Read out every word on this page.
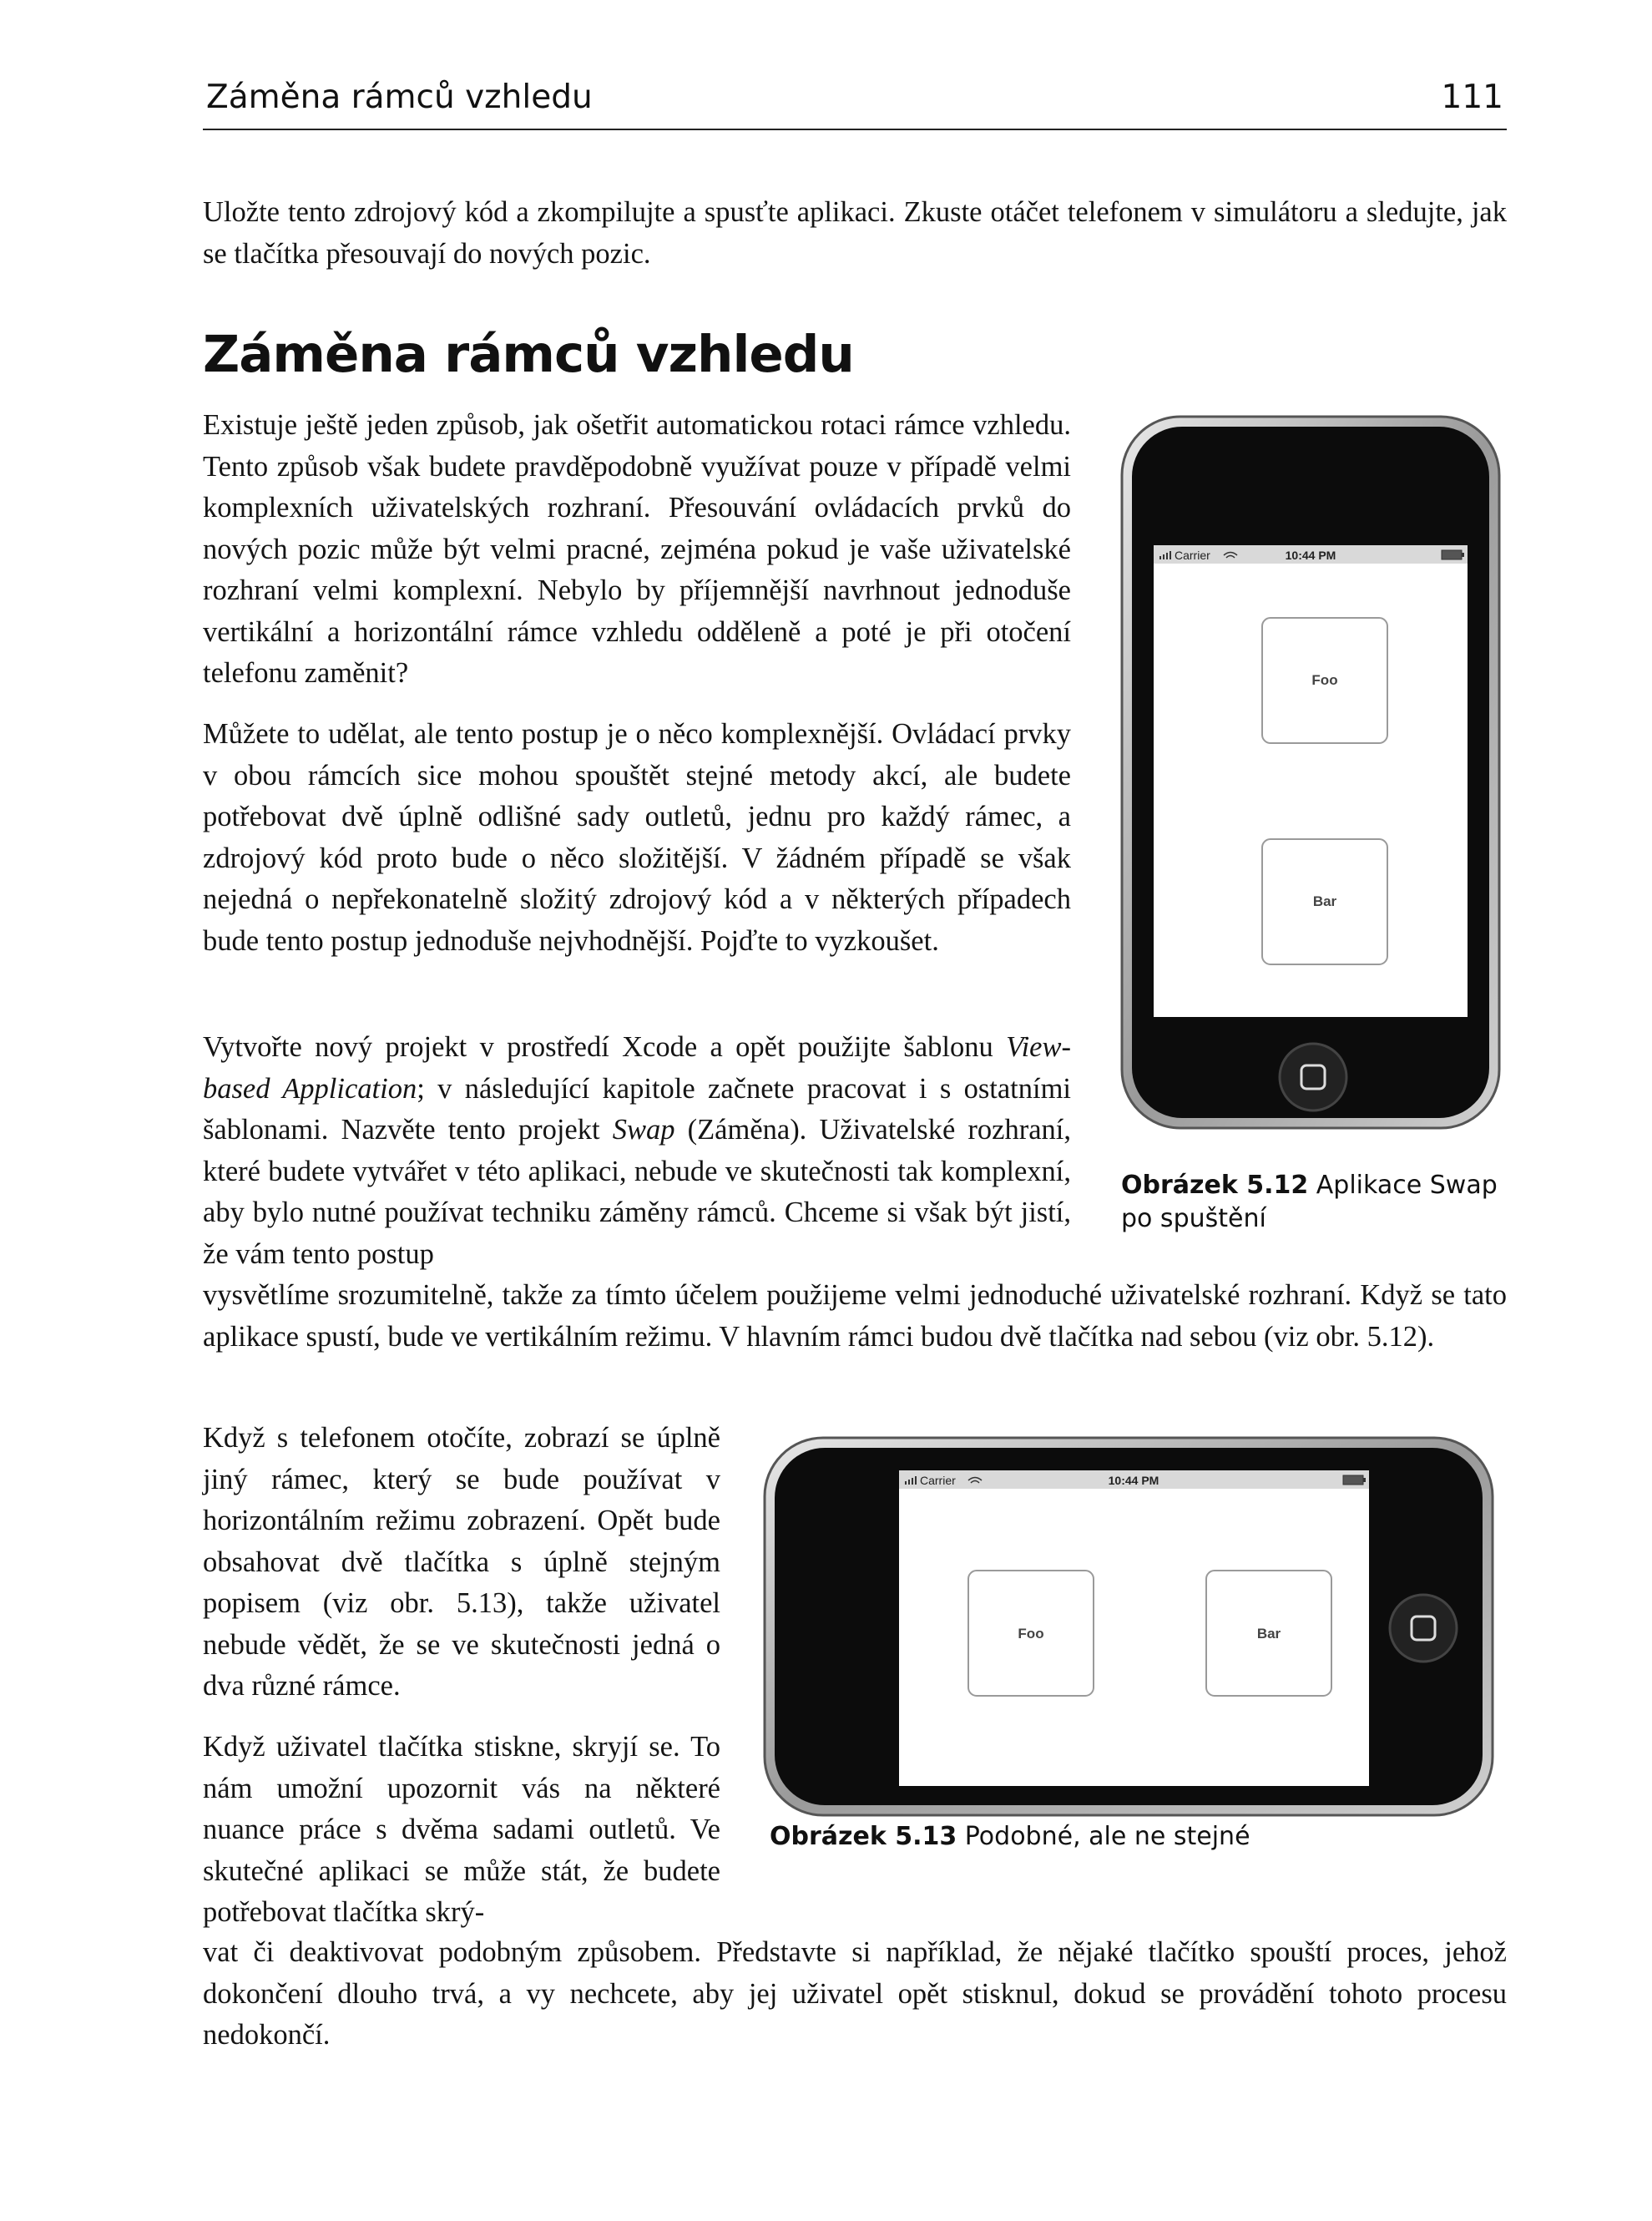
Záměna rámců vzhledu	111

Uložte tento zdrojový kód a zkompilujte a spusťte aplikaci. Zkuste otáčet telefonem v simulátoru a sledujte, jak se tlačítka přesouvají do nových pozic.

Záměna rámců vzhledu

Existuje ještě jeden způsob, jak ošetřit automatickou rotaci rámce vzhledu. Tento způsob však budete pravděpodobně využívat pouze v případě velmi komplexních uživatelských rozhraní. Přesouvání ovládacích prvků do nových pozic může být velmi pracné, zejména pokud je vaše uživatelské rozhraní velmi komplexní. Nebylo by příjemnější navrhnout jednoduše vertikální a horizontální rámce vzhledu odděleně a poté je při otočení telefonu zaměnit?

Můžete to udělat, ale tento postup je o něco komplexnější. Ovládací prvky v obou rámcích sice mohou spouštět stejné metody akcí, ale budete potřebovat dvě úplně odlišné sady outletů, jednu pro každý rámec, a zdrojový kód proto bude o něco složitější. V žádném případě se však nejedná o nepřekonatelně složitý zdrojový kód a v některých případech bude tento postup jednoduše nejvhodnější. Pojďte to vyzkoušet.

Vytvořte nový projekt v prostředí Xcode a opět použijte šablonu View-based Application; v následující kapitole začnete pracovat i s ostatními šablonami. Nazvěte tento projekt Swap (Záměna). Uživatelské rozhraní, které budete vytvářet v této aplikaci, nebude ve skutečnosti tak komplexní, aby bylo nutné používat techniku záměny rámců. Chceme si však být jistí, že vám tento postup

vysvětlíme srozumitelně, takže za tímto účelem použijeme velmi jednoduché uživatelské rozhraní. Když se tato aplikace spustí, bude ve vertikálním režimu. V hlavním rámci budou dvě tlačítka nad sebou (viz obr. 5.12).

Když s telefonem otočíte, zobrazí se úplně jiný rámec, který se bude používat v horizontálním režimu zobrazení. Opět bude obsahovat dvě tlačítka s úplně stejným popisem (viz obr. 5.13), takže uživatel nebude vědět, že se ve skutečnosti jedná o dva různé rámce.

Když uživatel tlačítka stiskne, skryjí se. To nám umožní upozornit vás na některé nuance práce s dvěma sadami outletů. Ve skutečné aplikaci se může stát, že budete potřebovat tlačítka skrý-

vat či deaktivovat podobným způsobem. Představte si například, že nějaké tlačítko spouští proces, jehož dokončení dlouho trvá, a vy nechcete, aby jej uživatel opět stisknul, dokud se provádění tohoto procesu nedokončí.

Carrier	10:44 PM
Foo
Bar

Obrázek 5.12 Aplikace Swap po spuštění

Carrier	10:44 PM
Foo	Bar

Obrázek 5.13 Podobné, ale ne stejné
